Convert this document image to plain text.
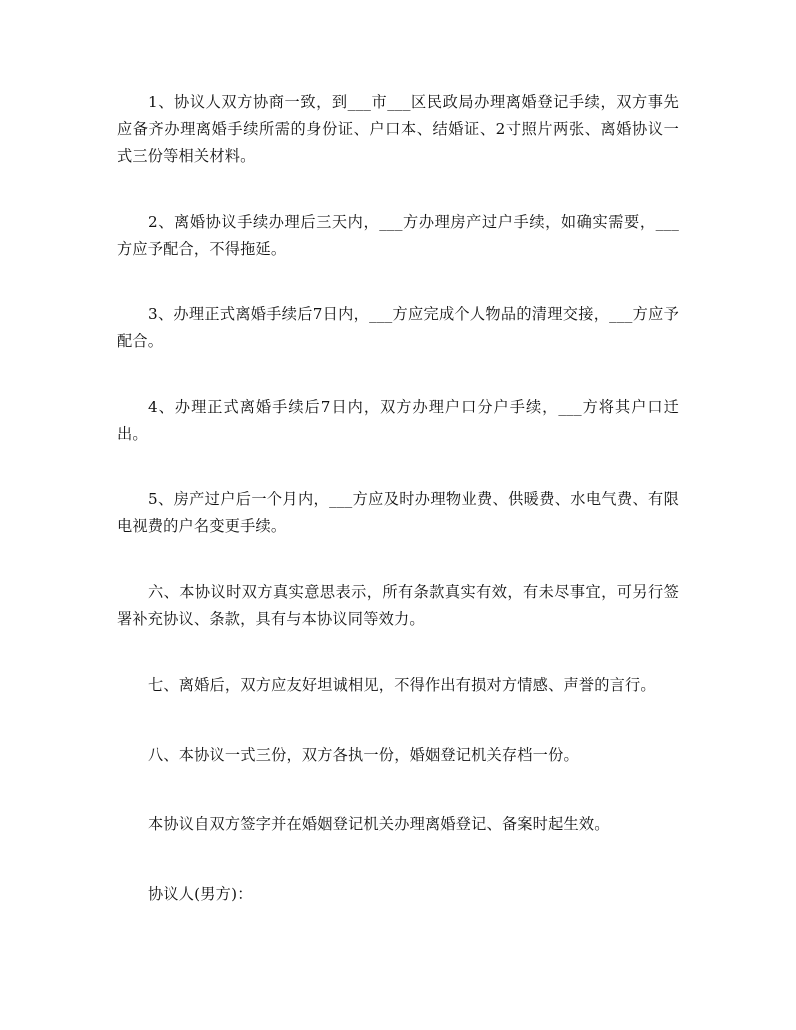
1、协议人双方协商一致，到___市___区民政局办理离婚登记手续，双方事先应备齐办理离婚手续所需的身份证、户口本、结婚证、2寸照片两张、离婚协议一式三份等相关材料。

2、离婚协议手续办理后三天内，___方办理房产过户手续，如确实需要，___方应予配合，不得拖延。

3、办理正式离婚手续后7日内，___方应完成个人物品的清理交接，___方应予配合。

4、办理正式离婚手续后7日内，双方办理户口分户手续，___方将其户口迁出。

5、房产过户后一个月内，___方应及时办理物业费、供暖费、水电气费、有限电视费的户名变更手续。

六、本协议时双方真实意思表示，所有条款真实有效，有未尽事宜，可另行签署补充协议、条款，具有与本协议同等效力。

七、离婚后，双方应友好坦诚相见，不得作出有损对方情感、声誉的言行。

八、本协议一式三份，双方各执一份，婚姻登记机关存档一份。

本协议自双方签字并在婚姻登记机关办理离婚登记、备案时起生效。

协议人(男方)：
